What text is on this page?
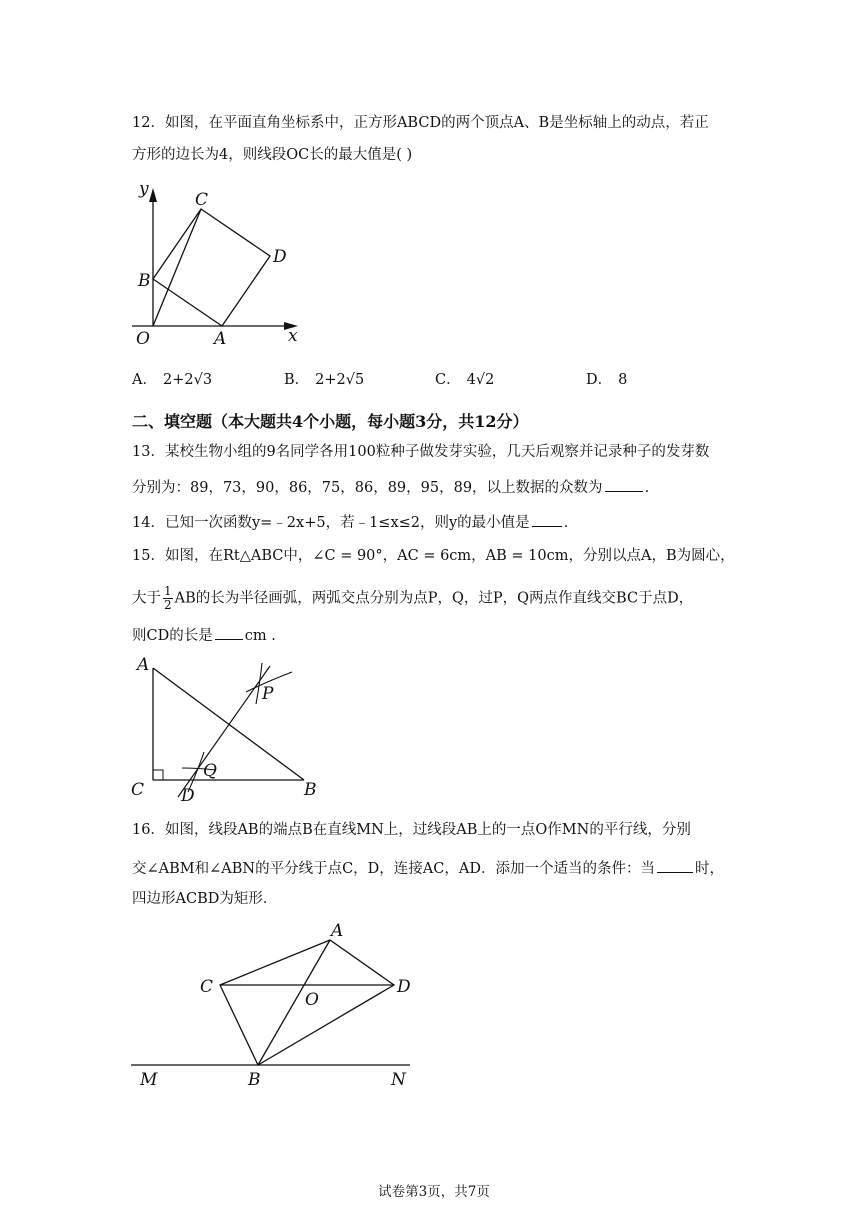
12．如图，在平面直角坐标系中，正方形ABCD的两个顶点A、B是坐标轴上的动点，若正
方形的边长为4，则线段OC长的最大值是( )
y
C
D
B
O	A	x
A
P
Q
C D	B
A
C
O
D
M	B	N
A． 2+2√3	B． 2+2√5	C． 4√2	D． 8
二、填空题（本大题共4个小题，每小题3分，共12分）
13．某校生物小组的9名同学各用100粒种子做发芽实验，几天后观察并记录种子的发芽数
分别为：89，73，90，86，75，86，89，95，89，以上数据的众数为	.
14．已知一次函数y=﹣2x+5，若﹣1≤x≤2，则y的最小值是 .
15．如图，在Rt△ABC中，∠C = 90°，AC = 6cm，AB = 10cm，分别以点A，B为圆心，
大于 $\frac{1}{2}$ AB的长为半径画弧，两弧交点分别为点P，Q，过P，Q两点作直线交BC于点D，
则CD的长是 cm .
16．如图，线段AB的端点B在直线MN上，过线段AB上的一点O作MN的平行线，分别
交∠ABM和∠ABN的平分线于点C，D，连接AC，AD．添加一个适当的条件：当	时，
四边形ACBD为矩形．
试卷第3页，共7页
